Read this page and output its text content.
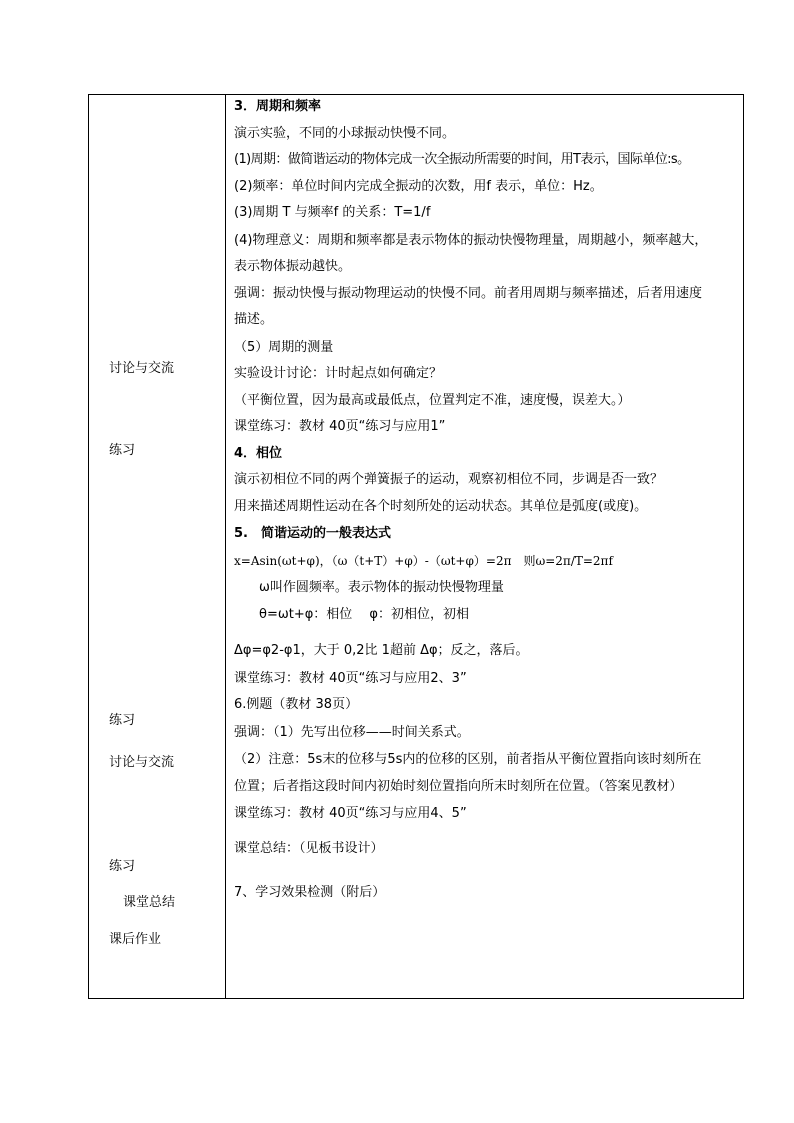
讨论与交流
练习
练习
讨论与交流
练习
课堂总结
课后作业
3．周期和频率
演示实验，不同的小球振动快慢不同。
(1)周期：做简谐运动的物体完成一次全振动所需要的时间，用T表示，国际单位:s。
(2)频率：单位时间内完成全振动的次数，用f 表示，单位：Hz。
(3)周期 T 与频率f 的关系：T=1/f
(4)物理意义：周期和频率都是表示物体的振动快慢物理量，周期越小，频率越大，
表示物体振动越快。
强调：振动快慢与振动物理运动的快慢不同。前者用周期与频率描述，后者用速度
描述。
（5）周期的测量
实验设计讨论：计时起点如何确定？
（平衡位置，因为最高或最低点，位置判定不准，速度慢，误差大。）
课堂练习：教材 40页“练习与应用1”
4．相位
演示初相位不同的两个弹簧振子的运动，观察初相位不同，步调是否一致？
用来描述周期性运动在各个时刻所处的运动状态。其单位是弧度(或度)。
5.　简谐运动的一般表达式
x=Asin(ωt+φ)，（ω（t+T）+φ）-（ωt+φ）=2π　则ω=2π/T=2πf
ω叫作圆频率。表示物体的振动快慢物理量
θ=ωt+φ：相位　 φ：初相位，初相
Δφ=φ2-φ1，大于 0,2比 1超前 Δφ；反之，落后。
课堂练习：教材 40页“练习与应用2、3”
6.例题（教材 38页）
强调：（1）先写出位移——时间关系式。
（2）注意：5s末的位移与5s内的位移的区别，前者指从平衡位置指向该时刻所在
位置；后者指这段时间内初始时刻位置指向所末时刻所在位置。（答案见教材）
课堂练习：教材 40页“练习与应用4、5”
课堂总结：（见板书设计）
7、学习效果检测（附后）
